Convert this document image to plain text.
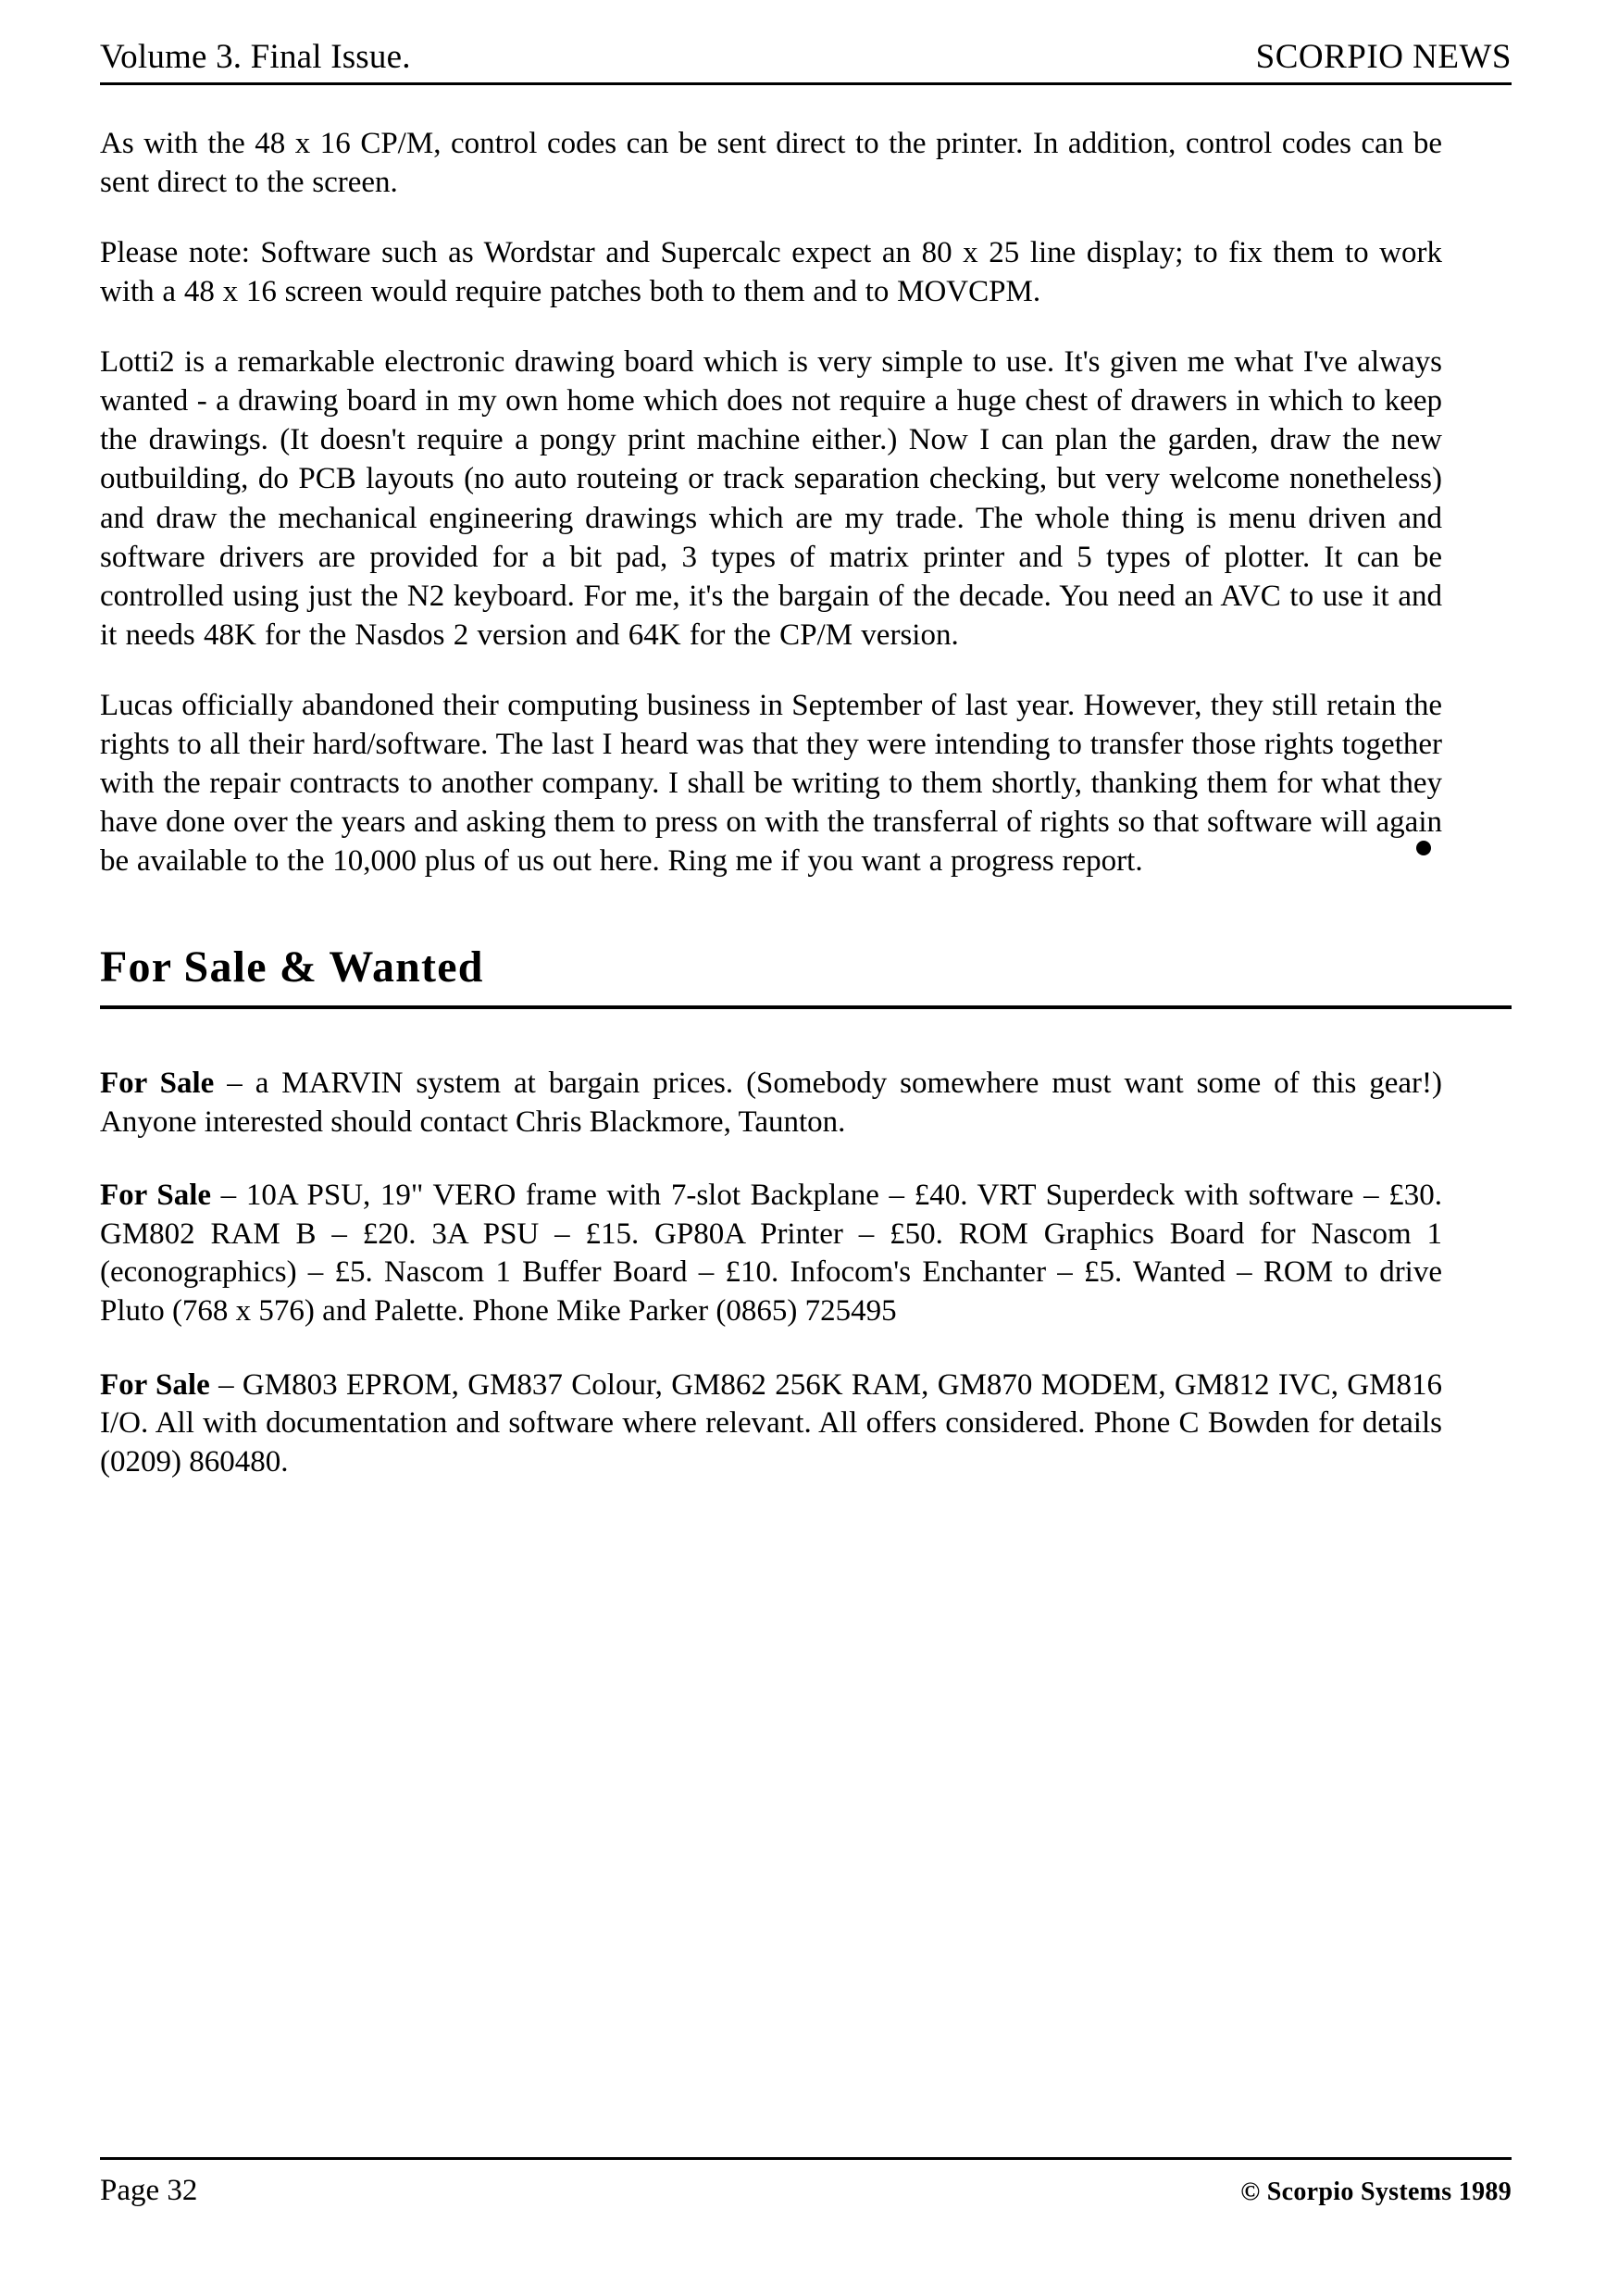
Volume 3. Final Issue.	SCORPIO NEWS

As with the 48 x 16 CP/M, control codes can be sent direct to the printer. In addition, control codes can be sent direct to the screen.

Please note: Software such as Wordstar and Supercalc expect an 80 x 25 line display; to fix them to work with a 48 x 16 screen would require patches both to them and to MOVCPM.

Lotti2 is a remarkable electronic drawing board which is very simple to use. It's given me what I've always wanted - a drawing board in my own home which does not require a huge chest of drawers in which to keep the drawings. (It doesn't require a pongy print machine either.) Now I can plan the garden, draw the new outbuilding, do PCB layouts (no auto routeing or track separation checking, but very welcome nonetheless) and draw the mechanical engineering drawings which are my trade. The whole thing is menu driven and software drivers are provided for a bit pad, 3 types of matrix printer and 5 types of plotter. It can be controlled using just the N2 keyboard. For me, it's the bargain of the decade. You need an AVC to use it and it needs 48K for the Nasdos 2 version and 64K for the CP/M version.

Lucas officially abandoned their computing business in September of last year. However, they still retain the rights to all their hard/software. The last I heard was that they were intending to transfer those rights together with the repair contracts to another company. I shall be writing to them shortly, thanking them for what they have done over the years and asking them to press on with the transferral of rights so that software will again be available to the 10,000 plus of us out here. Ring me if you want a progress report.

For Sale & Wanted

For Sale – a MARVIN system at bargain prices. (Somebody somewhere must want some of this gear!) Anyone interested should contact Chris Blackmore, Taunton.

For Sale – 10A PSU, 19" VERO frame with 7-slot Backplane – £40. VRT Superdeck with software – £30. GM802 RAM B – £20. 3A PSU – £15. GP80A Printer – £50. ROM Graphics Board for Nascom 1 (econographics) – £5. Nascom 1 Buffer Board – £10. Infocom's Enchanter – £5. Wanted – ROM to drive Pluto (768 x 576) and Palette. Phone Mike Parker (0865) 725495

For Sale – GM803 EPROM, GM837 Colour, GM862 256K RAM, GM870 MODEM, GM812 IVC, GM816 I/O. All with documentation and software where relevant. All offers considered. Phone C Bowden for details (0209) 860480.

Page 32	© Scorpio Systems 1989
